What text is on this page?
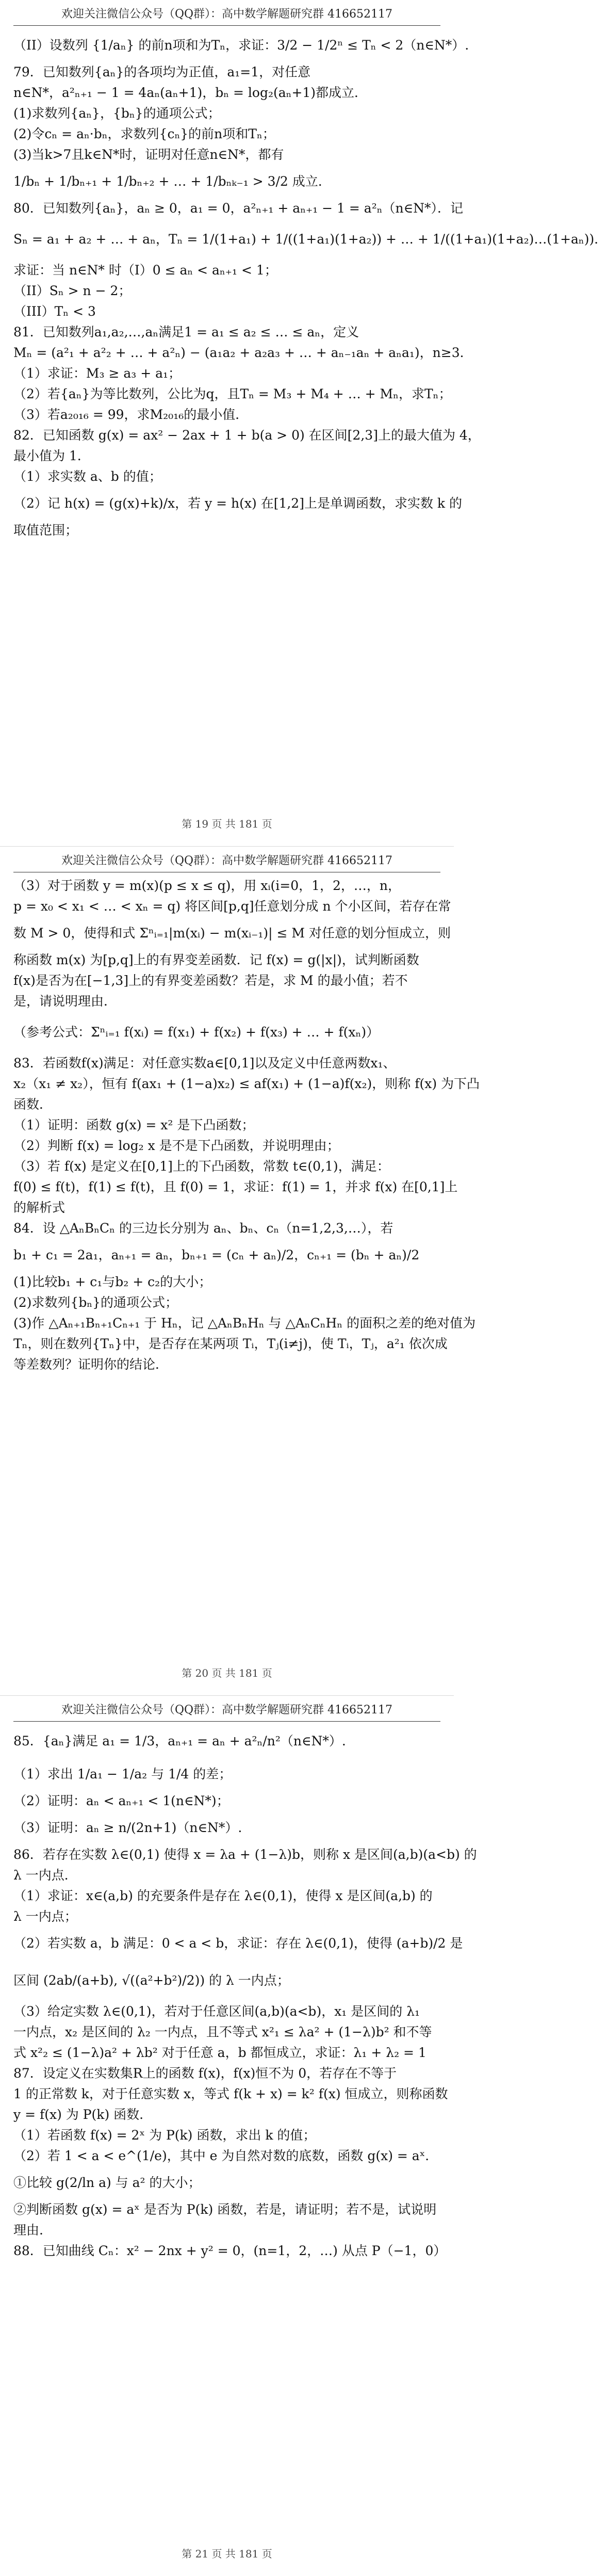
欢迎关注微信公众号（QQ群）：高中数学解题研究群 416652117
（II）设数列 {1/aₙ} 的前n项和为Tₙ，求证：3/2 − 1/2ⁿ ≤ Tₙ < 2（n∈N*）.
79．已知数列{aₙ}的各项均为正值，a₁=1，对任意
n∈N*，a²ₙ₊₁ − 1 = 4aₙ(aₙ+1)，bₙ = log₂(aₙ+1)都成立．
(1)求数列{aₙ}，{bₙ}的通项公式；
(2)令cₙ = aₙ·bₙ，求数列{cₙ}的前n项和Tₙ；
(3)当k>7且k∈N*时，证明对任意n∈N*，都有
1/bₙ + 1/bₙ₊₁ + 1/bₙ₊₂ + … + 1/bₙₖ₋₁ > 3/2 成立.
80．已知数列{aₙ}，aₙ ≥ 0，a₁ = 0，a²ₙ₊₁ + aₙ₊₁ − 1 = a²ₙ（n∈N*）．记
Sₙ = a₁ + a₂ + … + aₙ，Tₙ = 1/(1+a₁) + 1/((1+a₁)(1+a₂)) + … + 1/((1+a₁)(1+a₂)…(1+aₙ))．
求证：当 n∈N* 时（I）0 ≤ aₙ < aₙ₊₁ < 1；
（II）Sₙ > n − 2；
（III）Tₙ < 3
81．已知数列a₁,a₂,…,aₙ满足1 = a₁ ≤ a₂ ≤ … ≤ aₙ，定义
Mₙ = (a²₁ + a²₂ + … + a²ₙ) − (a₁a₂ + a₂a₃ + … + aₙ₋₁aₙ + aₙa₁)，n≥3．
（1）求证：M₃ ≥ a₃ + a₁；
（2）若{aₙ}为等比数列，公比为q，且Tₙ = M₃ + M₄ + … + Mₙ，求Tₙ；
（3）若a₂₀₁₆ = 99，求M₂₀₁₆的最小值．
82．已知函数 g(x) = ax² − 2ax + 1 + b(a > 0) 在区间[2,3]上的最大值为 4，
最小值为 1．
（1）求实数 a、b 的值；
（2）记 h(x) = (g(x)+k)/x，若 y = h(x) 在[1,2]上是单调函数，求实数 k 的
取值范围；
第 19 页 共 181 页
欢迎关注微信公众号（QQ群）：高中数学解题研究群 416652117
（3）对于函数 y = m(x)(p ≤ x ≤ q)，用 xᵢ(i=0，1，2，…，n，
p = x₀ < x₁ < … < xₙ = q) 将区间[p,q]任意划分成 n 个小区间，若存在常
数 M > 0，使得和式 Σⁿᵢ₌₁|m(xᵢ) − m(xᵢ₋₁)| ≤ M 对任意的划分恒成立，则
称函数 m(x) 为[p,q]上的有界变差函数．记 f(x) = g(|x|)，试判断函数
f(x)是否为在[−1,3]上的有界变差函数？若是，求 M 的最小值；若不
是，请说明理由．
（参考公式：Σⁿᵢ₌₁ f(xᵢ) = f(x₁) + f(x₂) + f(x₃) + … + f(xₙ)）
83．若函数f(x)满足：对任意实数a∈[0,1]以及定义中任意两数x₁、
x₂（x₁ ≠ x₂），恒有 f(ax₁ + (1−a)x₂) ≤ af(x₁) + (1−a)f(x₂)，则称 f(x) 为下凸
函数．
（1）证明：函数 g(x) = x² 是下凸函数；
（2）判断 f(x) = log₂ x 是不是下凸函数，并说明理由；
（3）若 f(x) 是定义在[0,1]上的下凸函数，常数 t∈(0,1)，满足：
f(0) ≤ f(t)，f(1) ≤ f(t)，且 f(0) = 1，求证：f(1) = 1，并求 f(x) 在[0,1]上
的解析式
84．设 △AₙBₙCₙ 的三边长分别为 aₙ、bₙ、cₙ（n=1,2,3,…），若
b₁ + c₁ = 2a₁，aₙ₊₁ = aₙ，bₙ₊₁ = (cₙ + aₙ)/2，cₙ₊₁ = (bₙ + aₙ)/2
(1)比较b₁ + c₁与b₂ + c₂的大小；
(2)求数列{bₙ}的通项公式；
(3)作 △Aₙ₊₁Bₙ₊₁Cₙ₊₁ 于 Hₙ，记 △AₙBₙHₙ 与 △AₙCₙHₙ 的面积之差的绝对值为
Tₙ，则在数列{Tₙ}中，是否存在某两项 Tᵢ，Tⱼ(i≠j)，使 Tᵢ，Tⱼ，a²₁ 依次成
等差数列？证明你的结论．
第 20 页 共 181 页
欢迎关注微信公众号（QQ群）：高中数学解题研究群 416652117
85．{aₙ}满足 a₁ = 1/3，aₙ₊₁ = aₙ + a²ₙ/n²（n∈N*）.
（1）求出 1/a₁ − 1/a₂ 与 1/4 的差；
（2）证明：aₙ < aₙ₊₁ < 1(n∈N*)；
（3）证明：aₙ ≥ n/(2n+1)（n∈N*）.
86．若存在实数 λ∈(0,1) 使得 x = λa + (1−λ)b，则称 x 是区间(a,b)(a<b) 的
λ 一内点．
（1）求证：x∈(a,b) 的充要条件是存在 λ∈(0,1)，使得 x 是区间(a,b) 的
λ 一内点；
（2）若实数 a，b 满足：0 < a < b，求证：存在 λ∈(0,1)，使得 (a+b)/2 是
区间 (2ab/(a+b), √((a²+b²)/2)) 的 λ 一内点；
（3）给定实数 λ∈(0,1)，若对于任意区间(a,b)(a<b)，x₁ 是区间的 λ₁
一内点，x₂ 是区间的 λ₂ 一内点，且不等式 x²₁ ≤ λa² + (1−λ)b² 和不等
式 x²₂ ≤ (1−λ)a² + λb² 对于任意 a，b 都恒成立，求证：λ₁ + λ₂ = 1
87．设定义在实数集R上的函数 f(x)，f(x)恒不为 0，若存在不等于
1 的正常数 k，对于任意实数 x，等式 f(k + x) = k² f(x) 恒成立，则称函数
y = f(x) 为 P(k) 函数.
（1）若函数 f(x) = 2ˣ 为 P(k) 函数，求出 k 的值；
（2）若 1 < a < e^(1/e)，其中 e 为自然对数的底数，函数 g(x) = aˣ．
①比较 g(2/ln a) 与 a² 的大小；
②判断函数 g(x) = aˣ 是否为 P(k) 函数，若是，请证明；若不是，试说明
理由.
88．已知曲线 Cₙ：x² − 2nx + y² = 0，(n=1，2，…) 从点 P（−1，0）
第 21 页 共 181 页
